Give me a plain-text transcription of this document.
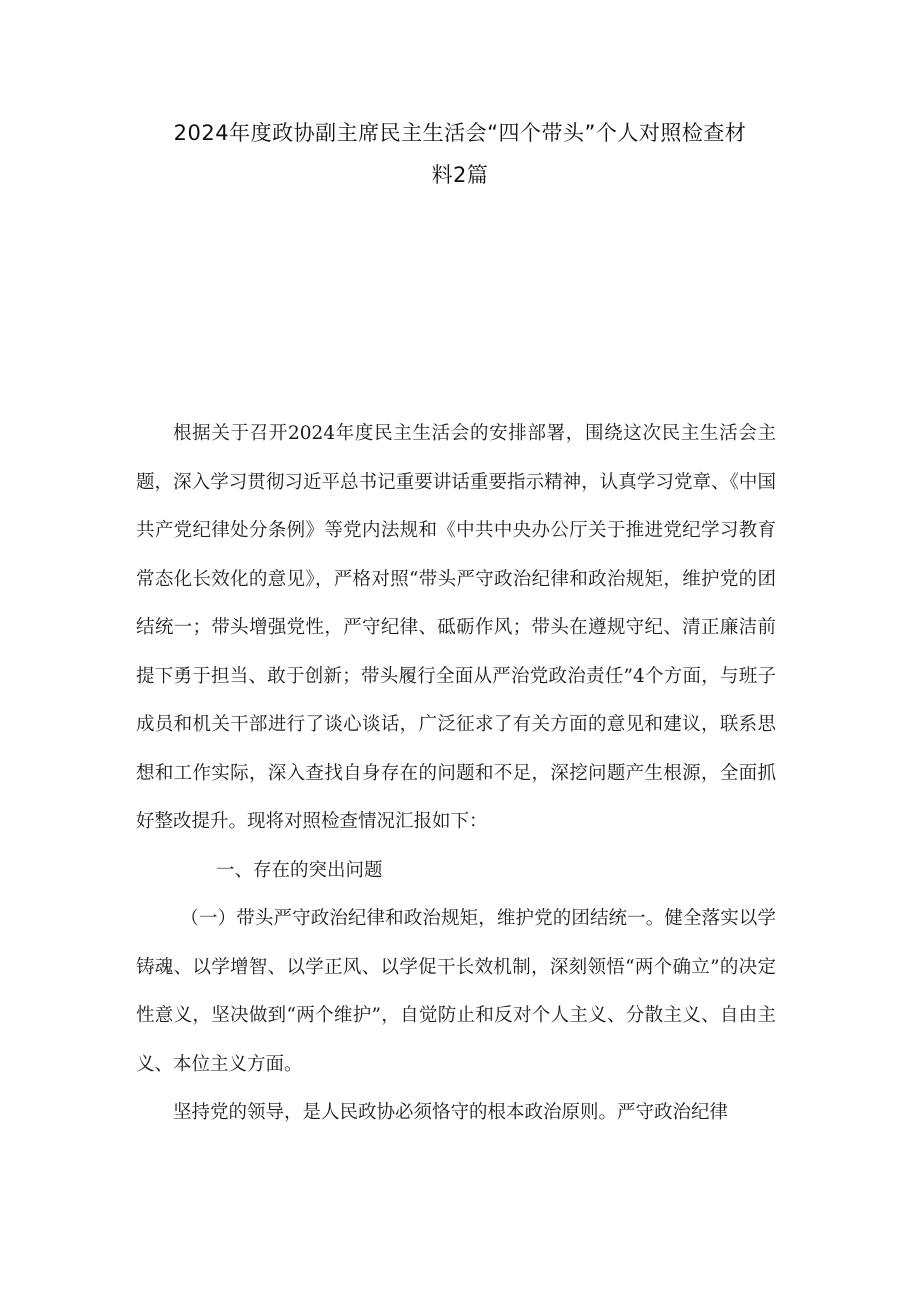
2024年度政协副主席民主生活会“四个带头”个人对照检查材
料2篇

根据关于召开2024年度民主生活会的安排部署，围绕这次民主生活会主题，深入学习贯彻习近平总书记重要讲话重要指示精神，认真学习党章、《中国共产党纪律处分条例》等党内法规和《中共中央办公厅关于推进党纪学习教育常态化长效化的意见》，严格对照“带头严守政治纪律和政治规矩，维护党的团结统一；带头增强党性，严守纪律、砥砺作风；带头在遵规守纪、清正廉洁前提下勇于担当、敢于创新；带头履行全面从严治党政治责任”4个方面，与班子成员和机关干部进行了谈心谈话，广泛征求了有关方面的意见和建议，联系思想和工作实际，深入查找自身存在的问题和不足，深挖问题产生根源，全面抓好整改提升。现将对照检查情况汇报如下：

一、存在的突出问题

（一）带头严守政治纪律和政治规矩，维护党的团结统一。健全落实以学铸魂、以学增智、以学正风、以学促干长效机制，深刻领悟“两个确立”的决定性意义，坚决做到“两个维护”，自觉防止和反对个人主义、分散主义、自由主义、本位主义方面。

坚持党的领导，是人民政协必须恪守的根本政治原则。严守政治纪律
